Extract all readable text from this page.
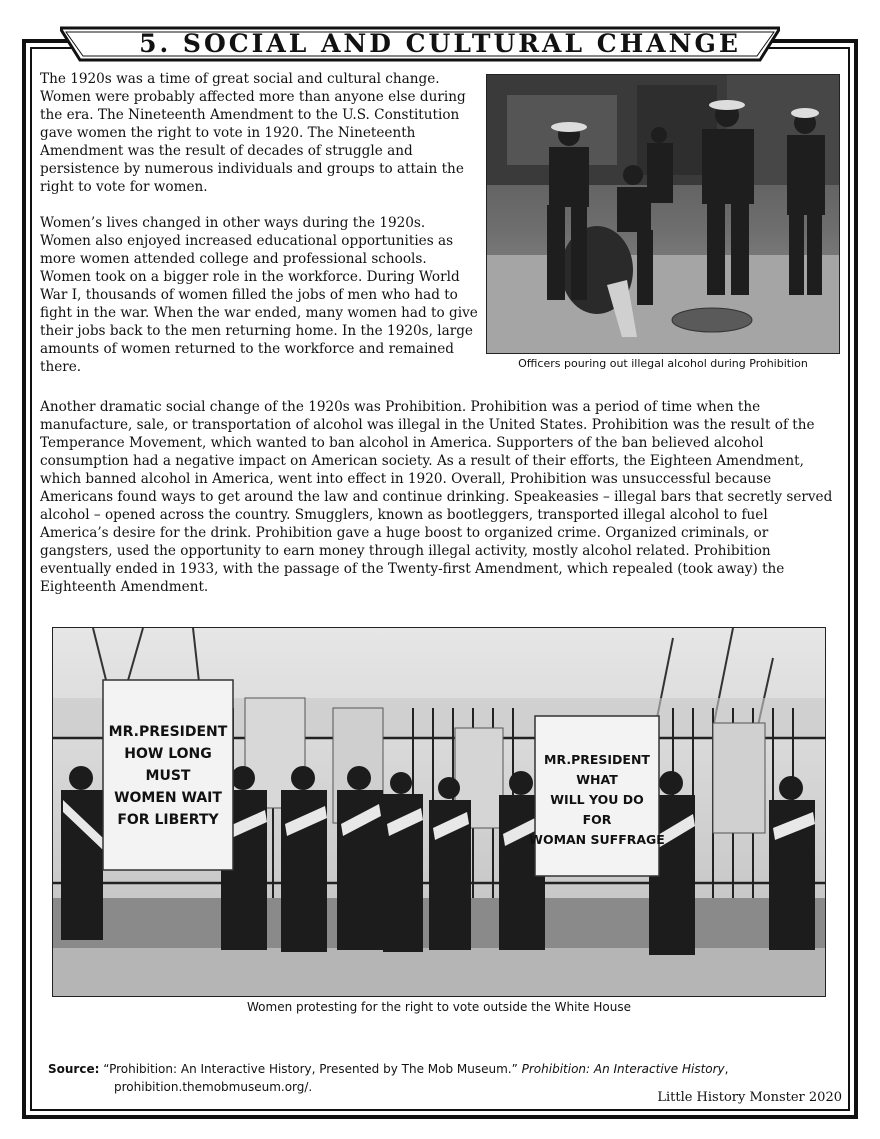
5. SOCIAL AND CULTURAL CHANGE

The 1920s was a time of great social and cultural change. Women were probably affected more than anyone else during the era. The Nineteenth Amendment to the U.S. Constitution gave women the right to vote in 1920. The Nineteenth Amendment was the result of decades of struggle and persistence by numerous individuals and groups to attain the right to vote for women.

Women’s lives changed in other ways during the 1920s. Women also enjoyed increased educational opportunities as more women attended college and professional schools. Women took on a bigger role in the workforce. During World War I, thousands of women filled the jobs of men who had to fight in the war. When the war ended, many women had to give their jobs back to the men returning home. In the 1920s, large amounts of women returned to the workforce and remained there.

Another dramatic social change of the 1920s was Prohibition. Prohibition was a period of time when the manufacture, sale, or transportation of alcohol was illegal in the United States. Prohibition was the result of the Temperance Movement, which wanted to ban alcohol in America. Supporters of the ban believed alcohol consumption had a negative impact on American society. As a result of their efforts, the Eighteen Amendment, which banned alcohol in America, went into effect in 1920. Overall, Prohibition was unsuccessful because Americans found ways to get around the law and continue drinking. Speakeasies – illegal bars that secretly served alcohol – opened across the country. Smugglers, known as bootleggers, transported illegal alcohol to fuel America’s desire for the drink. Prohibition gave a huge boost to organized crime. Organized criminals, or gangsters, used the opportunity to earn money through illegal activity, mostly alcohol related. Prohibition eventually ended in 1933, with the passage of the Twenty-first Amendment, which repealed (took away) the Eighteenth Amendment.

Officers pouring out illegal alcohol during Prohibition
MR.PRESIDENT
HOW LONG
MUST
WOMEN WAIT
FOR LIBERTY
MR.PRESIDENT
WHAT
WILL YOU DO
FOR
WOMAN SUFFRAGE
Women protesting for the right to vote outside the White House
Source: “Prohibition: An Interactive History, Presented by The Mob Museum.” Prohibition: An Interactive History,
prohibition.themobmuseum.org/.
Little History Monster 2020
